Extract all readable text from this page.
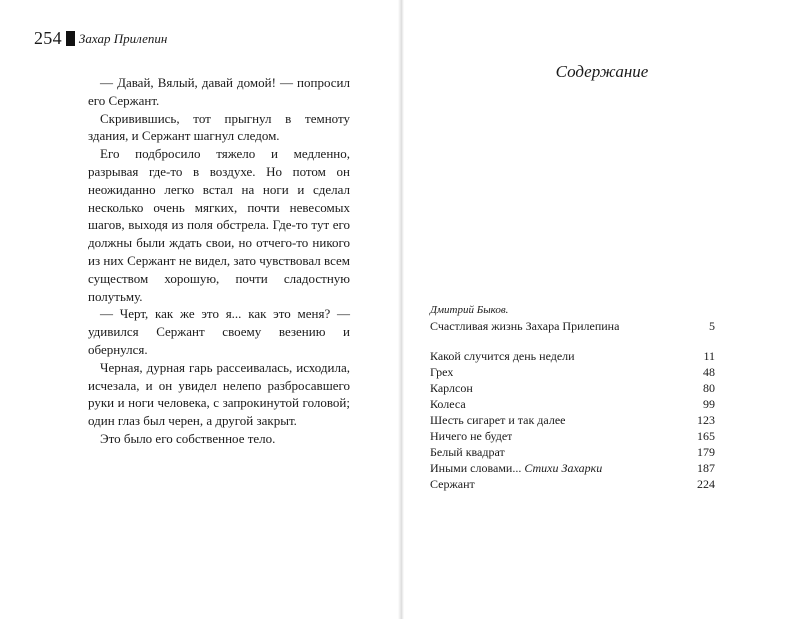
254 Захар Прилепин

— Давай, Вялый, давай домой! — попросил его Сержант.

Скривившись, тот прыгнул в темноту здания, и Сержант шагнул следом.

Его подбросило тяжело и медленно, разрывая где-то в воздухе. Но потом он неожиданно легко встал на ноги и сделал несколько очень мягких, почти невесомых шагов, выходя из поля обстрела. Где-то тут его должны были ждать свои, но отчего-то никого из них Сержант не видел, зато чувствовал всем существом хорошую, почти сладостную полутьму.

— Черт, как же это я... как это меня? — удивился Сержант своему везению и обернулся.

Черная, дурная гарь рассеивалась, исходила, исчезала, и он увидел нелепо разбросавшего руки и ноги человека, с запрокинутой головой; один глаз был черен, а другой закрыт.

Это было его собственное тело.

Содержание
Дмитрий Быков.
Счастливая жизнь Захара Прилепина	5
Какой случится день недели	11
Грех	48
Карлсон	80
Колеса	99
Шесть сигарет и так далее	123
Ничего не будет	165
Белый квадрат	179
Иными словами... Стихи Захарки	187
Сержант	224
